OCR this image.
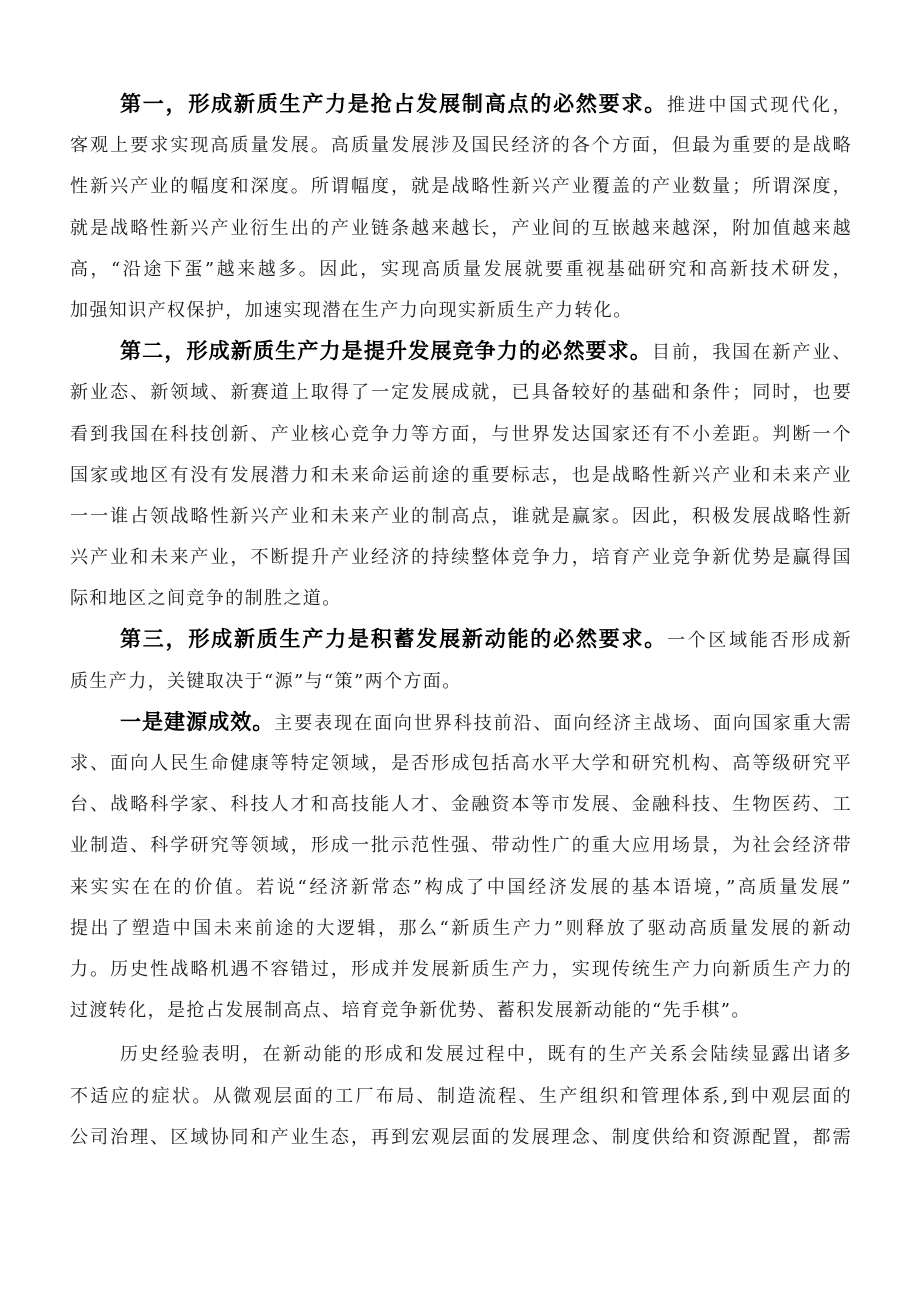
第一，形成新质生产力是抢占发展制高点的必然要求。推进中国式现代化，
客观上要求实现高质量发展。高质量发展涉及国民经济的各个方面，但最为重要的是战略
性新兴产业的幅度和深度。所谓幅度，就是战略性新兴产业覆盖的产业数量；所谓深度，
就是战略性新兴产业衍生出的产业链条越来越长，产业间的互嵌越来越深，附加值越来越
高，“沿途下蛋”越来越多。因此，实现高质量发展就要重视基础研究和高新技术研发，
加强知识产权保护，加速实现潜在生产力向现实新质生产力转化。
第二，形成新质生产力是提升发展竞争力的必然要求。目前，我国在新产业、
新业态、新领域、新赛道上取得了一定发展成就，已具备较好的基础和条件；同时，也要
看到我国在科技创新、产业核心竞争力等方面，与世界发达国家还有不小差距。判断一个
国家或地区有没有发展潜力和未来命运前途的重要标志，也是战略性新兴产业和未来产业
一一谁占领战略性新兴产业和未来产业的制高点，谁就是赢家。因此，积极发展战略性新
兴产业和未来产业，不断提升产业经济的持续整体竞争力，培育产业竞争新优势是赢得国
际和地区之间竞争的制胜之道。
第三，形成新质生产力是积蓄发展新动能的必然要求。一个区域能否形成新
质生产力，关键取决于“源”与“策”两个方面。
一是建源成效。主要表现在面向世界科技前沿、面向经济主战场、面向国家重大需
求、面向人民生命健康等特定领域，是否形成包括高水平大学和研究机构、高等级研究平
台、战略科学家、科技人才和高技能人才、金融资本等市发展、金融科技、生物医药、工
业制造、科学研究等领域，形成一批示范性强、带动性广的重大应用场景，为社会经济带
来实实在在的价值。若说“经济新常态”构成了中国经济发展的基本语境，”高质量发展”
提出了塑造中国未来前途的大逻辑，那么“新质生产力”则释放了驱动高质量发展的新动
力。历史性战略机遇不容错过，形成并发展新质生产力，实现传统生产力向新质生产力的
过渡转化，是抢占发展制高点、培育竞争新优势、蓄积发展新动能的“先手棋”。
历史经验表明，在新动能的形成和发展过程中，既有的生产关系会陆续显露出诸多
不适应的症状。从微观层面的工厂布局、制造流程、生产组织和管理体系,到中观层面的
公司治理、区域协同和产业生态，再到宏观层面的发展理念、制度供给和资源配置，都需
